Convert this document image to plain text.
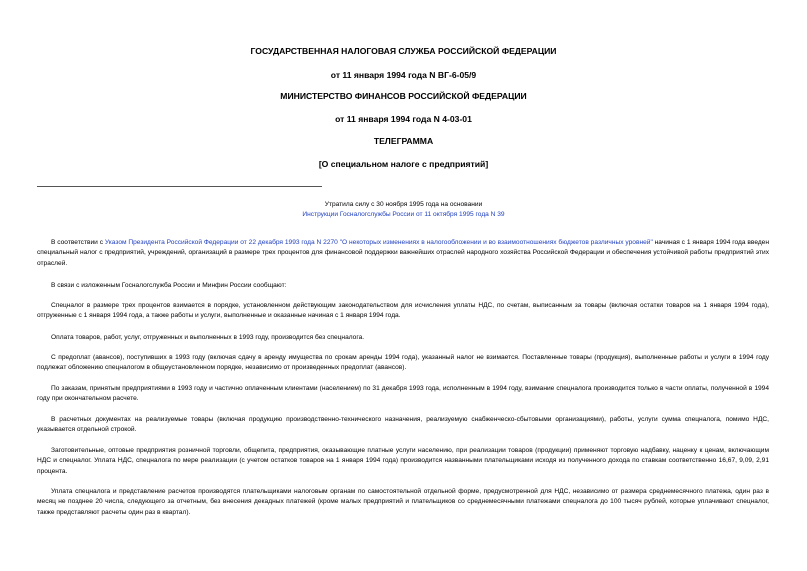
ГОСУДАРСТВЕННАЯ НАЛОГОВАЯ СЛУЖБА РОССИЙСКОЙ ФЕДЕРАЦИИ
от 11 января 1994 года N ВГ-6-05/9
МИНИСТЕРСТВО ФИНАНСОВ РОССИЙСКОЙ ФЕДЕРАЦИИ
от 11 января 1994 года N 4-03-01
ТЕЛЕГРАММА
[О специальном налоге с предприятий]
Утратила силу с 30 ноября 1995 года на основании
Инструкции Госналогслужбы России от 11 октября 1995 года N 39
В соответствии с Указом Президента Российской Федерации от 22 декабря 1993 года N 2270 "О некоторых изменениях в налогообложении и во взаимоотношениях бюджетов различных уровней" начиная с 1 января 1994 года введен специальный налог с предприятий, учреждений, организаций в размере трех процентов для финансовой поддержки важнейших отраслей народного хозяйства Российской Федерации и обеспечения устойчивой работы предприятий этих отраслей.
В связи с изложенным Госналогслужба России и Минфин России сообщают:
Спецналог в размере трех процентов взимается в порядке, установленном действующим законодательством для исчисления уплаты НДС, по счетам, выписанным за товары (включая остатки товаров на 1 января 1994 года), отгруженные с 1 января 1994 года, а также работы и услуги, выполненные и оказанные начиная с 1 января 1994 года.
Оплата товаров, работ, услуг, отгруженных и выполненных в 1993 году, производится без спецналога.
С предоплат (авансов), поступивших в 1993 году (включая сдачу в аренду имущества по срокам аренды 1994 года), указанный налог не взимается. Поставленные товары (продукция), выполненные работы и услуги в 1994 году подлежат обложению спецналогом в общеустановленном порядке, независимо от произведенных предоплат (авансов).
По заказам, принятым предприятиями в 1993 году и частично оплаченным клиентами (населением) по 31 декабря 1993 года, исполненным в 1994 году, взимание спецналога производится только в части оплаты, полученной в 1994 году при окончательном расчете.
В расчетных документах на реализуемые товары (включая продукцию производственно-технического назначения, реализуемую снабженческо-сбытовыми организациями), работы, услуги сумма спецналога, помимо НДС, указывается отдельной строкой.
Заготовительные, оптовые предприятия розничной торговли, общепита, предприятия, оказывающие платные услуги населению, при реализации товаров (продукции) применяют торговую надбавку, наценку к ценам, включающим НДС и спецналог. Уплата НДС, спецналога по мере реализации (с учетом остатков товаров на 1 января 1994 года) производится названными плательщиками исходя из полученного дохода по ставкам соответственно 16,67, 9,09, 2,91 процента.
Уплата спецналога и представление расчетов производятся плательщиками налоговым органам по самостоятельной отдельной форме, предусмотренной для НДС, независимо от размера среднемесячного платежа, один раз в месяц не позднее 20 числа, следующего за отчетным, без внесения декадных платежей (кроме малых предприятий и плательщиков со среднемесячными платежами спецналога до 100 тысяч рублей, которые уплачивают спецналог, также представляют расчеты один раз в квартал).
